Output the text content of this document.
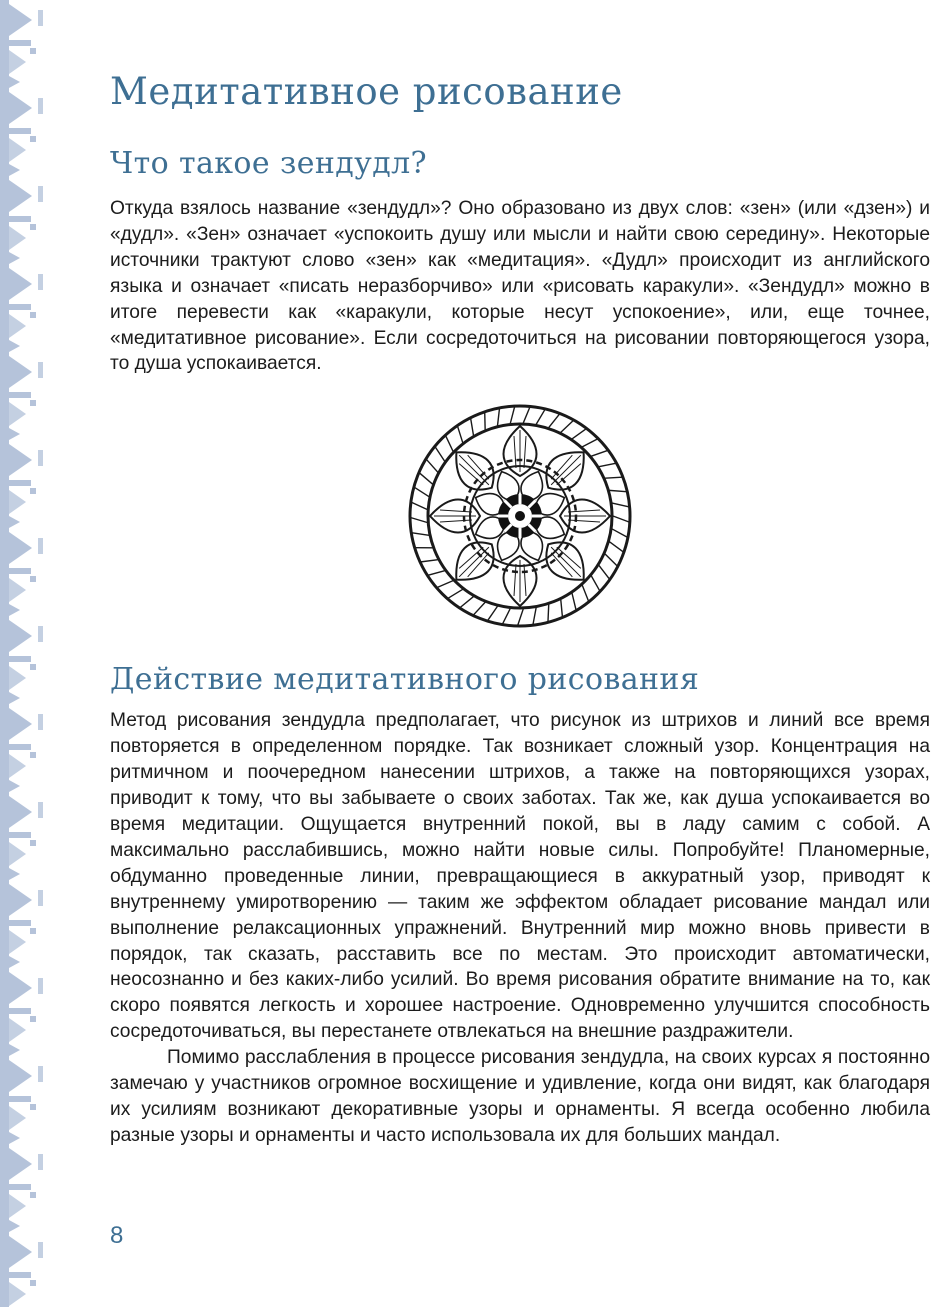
Медитативное рисование
Что такое зендудл?

Откуда взялось название «зендудл»? Оно образовано из двух слов: «зен» (или «дзен») и «дудл». «Зен» означает «успокоить душу или мысли и найти свою середину». Некоторые источники трактуют слово «зен» как «медитация». «Дудл» происходит из английского языка и означает «писать неразборчиво» или «рисовать каракули». «Зендудл» можно в итоге перевести как «каракули, которые несут успокоение», или, еще точнее, «медитативное рисование». Если сосредоточиться на рисовании повторяющегося узора, то душа успокаивается.

Действие медитативного рисования

Метод рисования зендудла предполагает, что рисунок из штрихов и линий все время повторяется в определенном порядке. Так возникает сложный узор. Концентрация на ритмичном и поочередном нанесении штрихов, а также на повторяющихся узорах, приводит к тому, что вы забываете о своих заботах. Так же, как душа успокаивается во время медитации. Ощущается внутренний покой, вы в ладу самим с собой. А максимально расслабившись, можно найти новые силы. Попробуйте! Планомерные, обдуманно проведенные линии, превращающиеся в аккуратный узор, приводят к внутреннему умиротворению — таким же эффектом обладает рисование мандал или выполнение релаксационных упражнений. Внутренний мир можно вновь привести в порядок, так сказать, расставить все по местам. Это происходит автоматически, неосознанно и без каких-либо усилий. Во время рисования обратите внимание на то, как скоро появятся легкость и хорошее настроение. Одновременно улучшится способность сосредоточиваться, вы перестанете отвлекаться на внешние раздражители.

Помимо расслабления в процессе рисования зендудла, на своих курсах я постоянно замечаю у участников огромное восхищение и удивление, когда они видят, как благодаря их усилиям возникают декоративные узоры и орнаменты. Я всегда особенно любила разные узоры и орнаменты и часто использовала их для больших мандал.

8
